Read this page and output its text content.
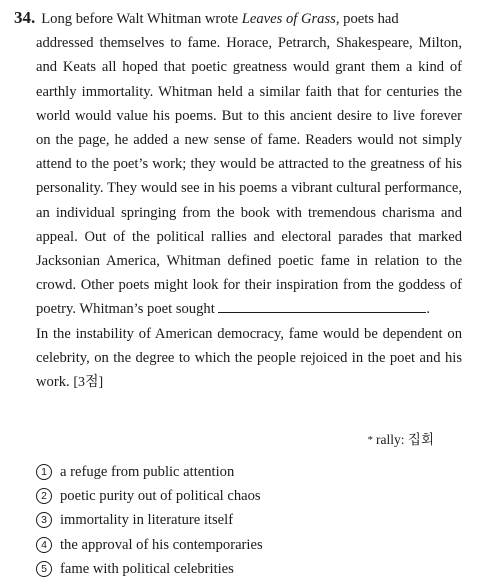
34. Long before Walt Whitman wrote Leaves of Grass, poets had

addressed themselves to fame. Horace, Petrarch, Shakespeare, Milton, and Keats all hoped that poetic greatness would grant them a kind of earthly immortality. Whitman held a similar faith that for centuries the world would value his poems. But to this ancient desire to live forever on the page, he added a new sense of fame. Readers would not simply attend to the poet’s work; they would be attracted to the greatness of his personality. They would see in his poems a vibrant cultural performance, an individual springing from the book with tremendous charisma and appeal. Out of the political rallies and electoral parades that marked Jacksonian America, Whitman defined poetic fame in relation to the crowd. Other poets might look for their inspiration from the goddess of poetry. Whitman’s poet sought	.

In the instability of American democracy, fame would be dependent on celebrity, on the degree to which the people rejoiced in the poet and his work. [3점]

* rally: 집회
1 a refuge from public attention
2 poetic purity out of political chaos
3 immortality in literature itself
4 the approval of his contemporaries
5 fame with political celebrities
